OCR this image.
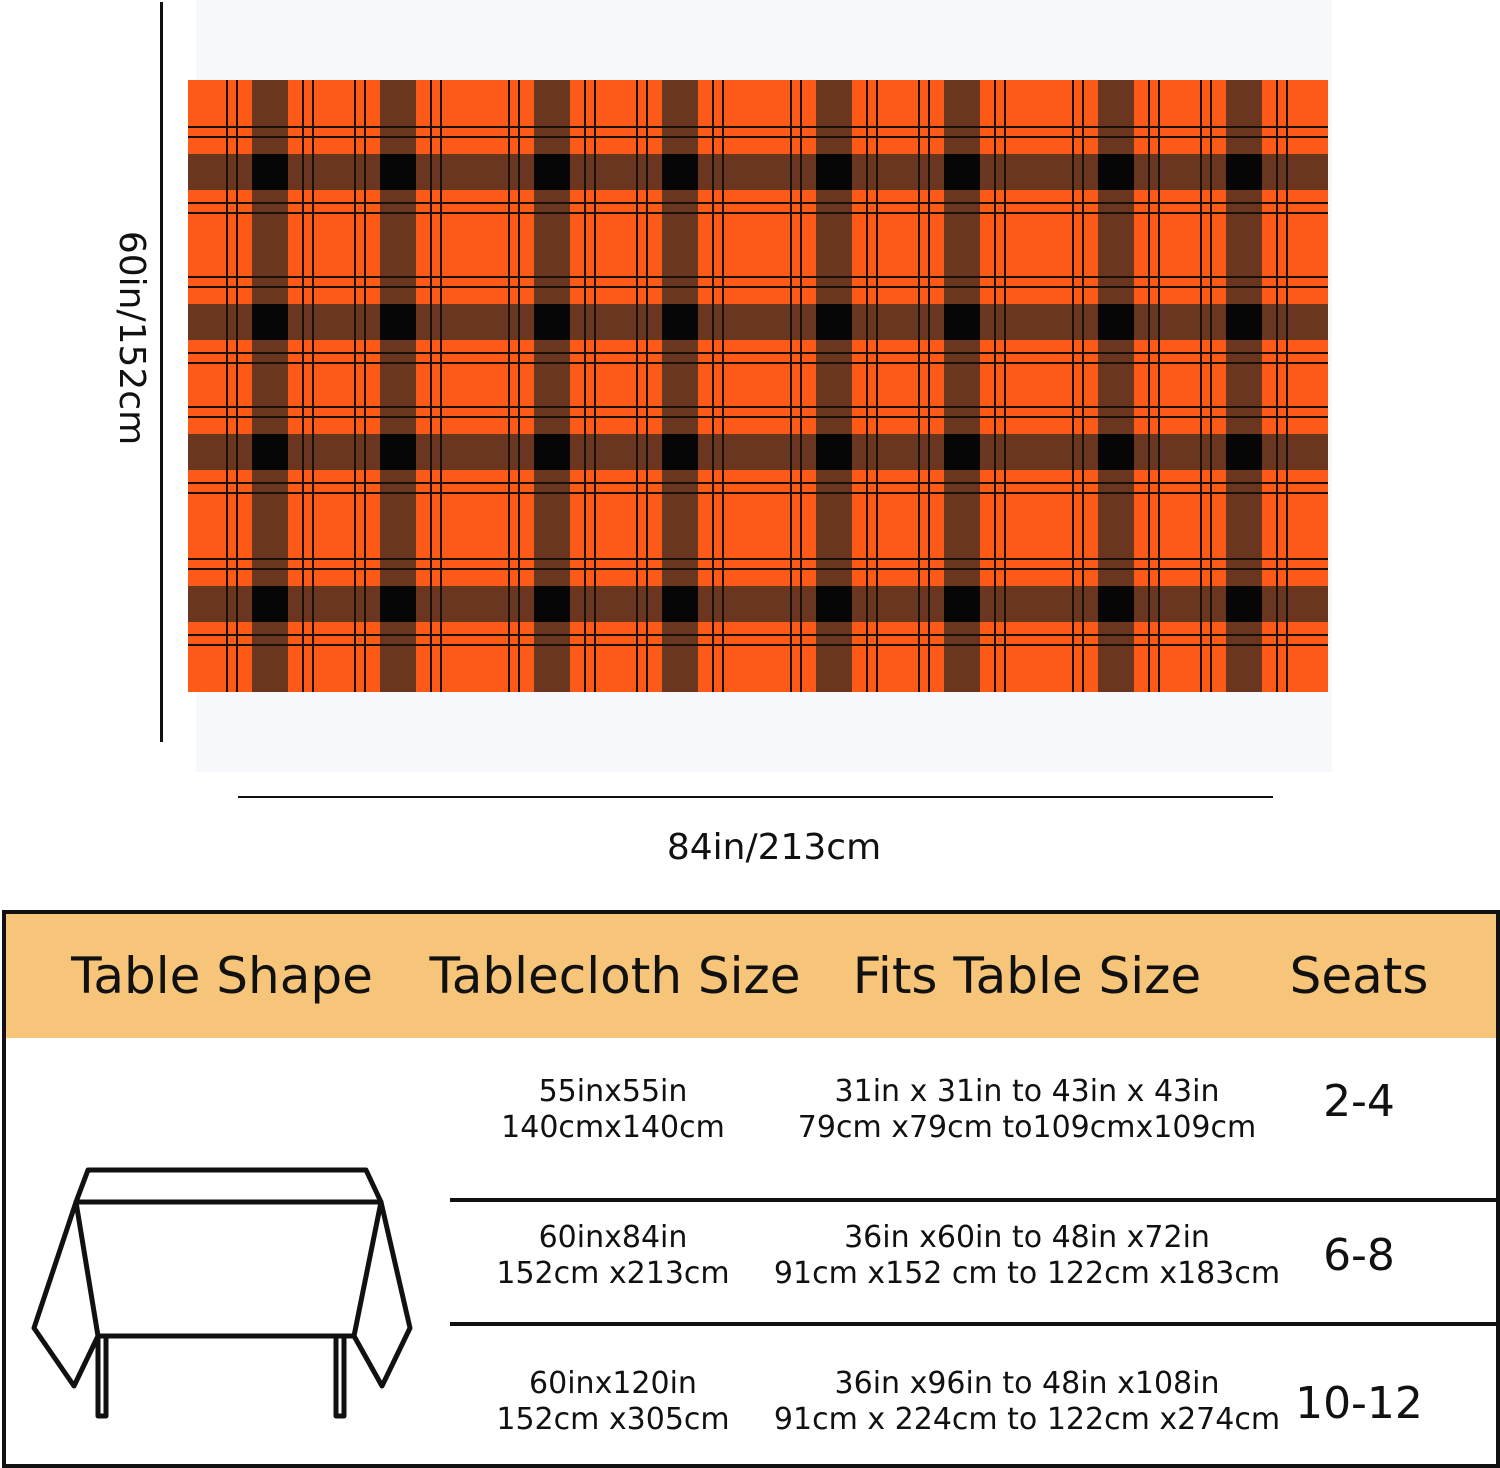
60in/152cm
84in/213cm
Table Shape Tablecloth Size Fits Table Size Seats
55inx55in
140cmx140cm
31in x 31in to 43in x 43in
79cm x79cm to109cmx109cm
2-4
60inx84in
152cm x213cm
36in x60in to 48in x72in
91cm x152 cm to 122cm x183cm 6-8
60inx120in
152cm x305cm
36in x96in to 48in x108in
91cm x 224cm to 122cm x274cm 10-12
